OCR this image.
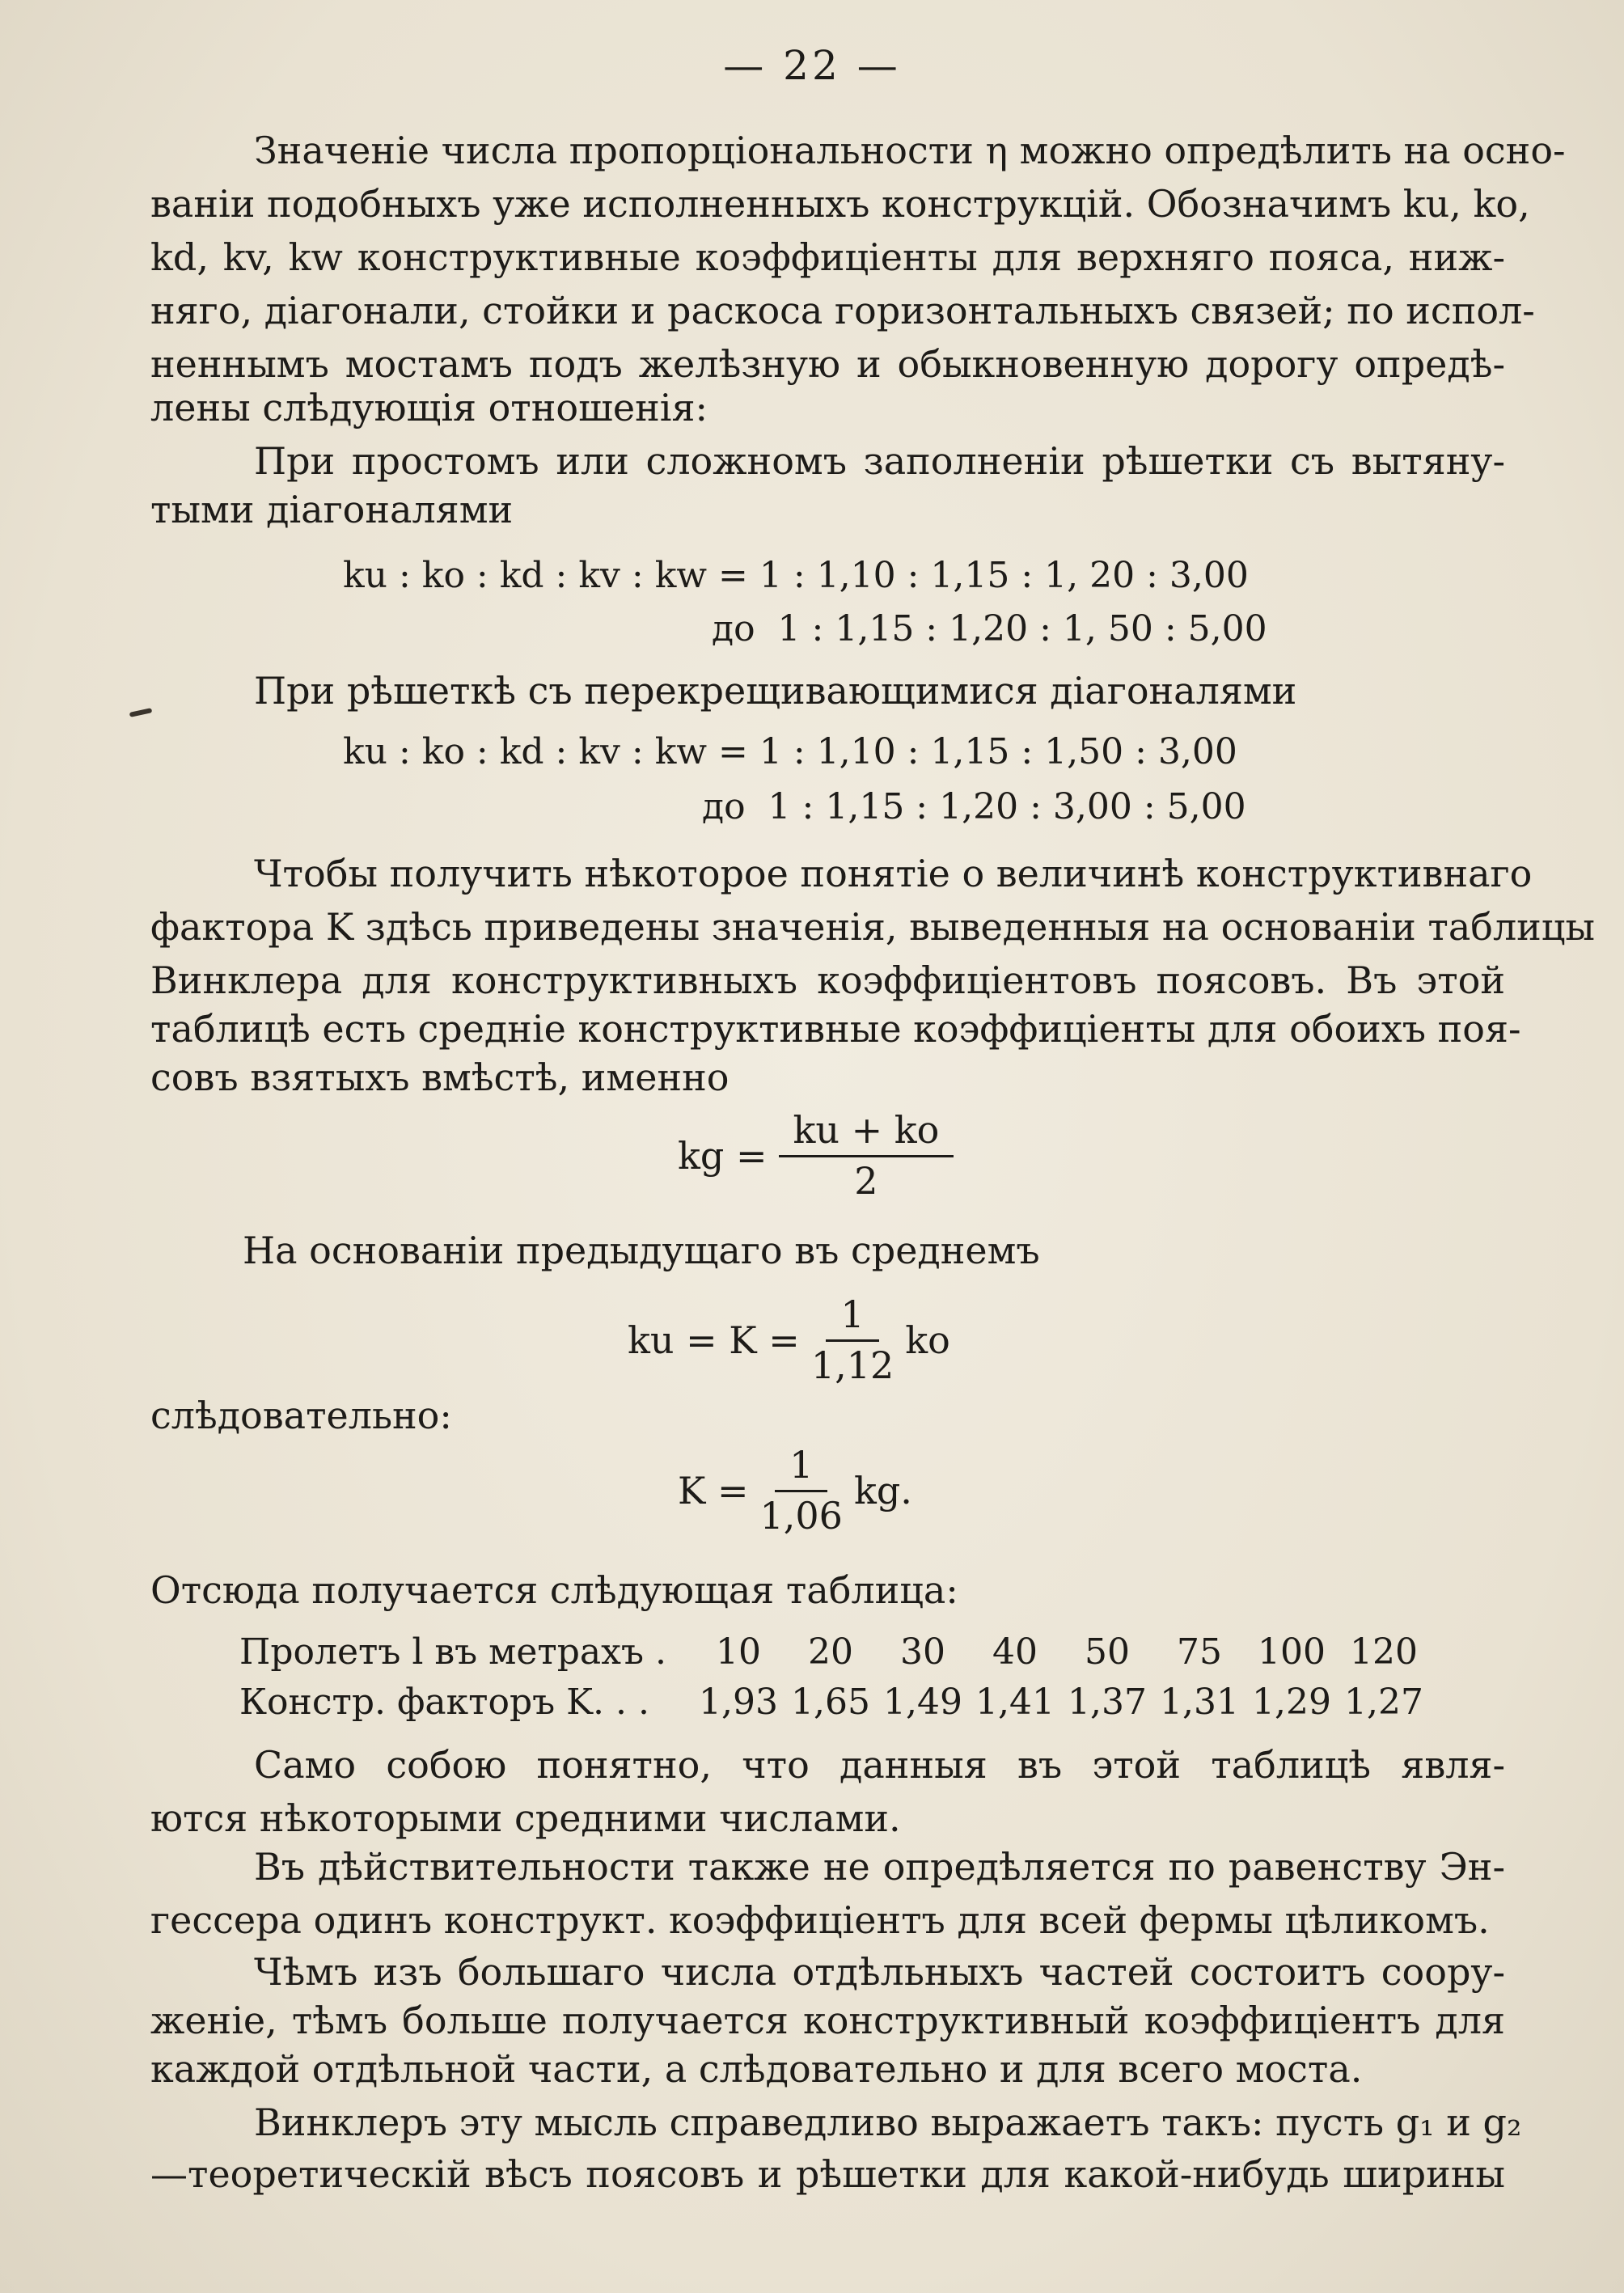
— 22 —
Значеніе числа пропорціональности η можно опредѣлить на осно-
ваніи подобныхъ уже исполненныхъ конструкцій. Обозначимъ ku, ko,
kd, kv, kw конструктивные коэффиціенты для верхняго пояса, ниж-
няго, діагонали, стойки и раскоса горизонтальныхъ связей; по испол-
неннымъ мостамъ подъ желѣзную и обыкновенную дорогу опредѣ-
лены слѣдующія отношенія:
При простомъ или сложномъ заполненіи рѣшетки съ вытяну-
тыми діагоналями
ku : ko : kd : kv : kw = 1 : 1,10 : 1,15 : 1, 20 : 3,00
до  1 : 1,15 : 1,20 : 1, 50 : 5,00
При рѣшеткѣ съ перекрещивающимися діагоналями
ku : ko : kd : kv : kw = 1 : 1,10 : 1,15 : 1,50 : 3,00
до  1 : 1,15 : 1,20 : 3,00 : 5,00
Чтобы получить нѣкоторое понятіе о величинѣ конструктивнаго
фактора K здѣсь приведены значенія, выведенныя на основаніи таблицы
Винклера для конструктивныхъ коэффиціентовъ поясовъ. Въ этой
таблицѣ есть средніе конструктивные коэффиціенты для обоихъ поя-
совъ взятыхъ вмѣстѣ, именно
kg = $\frac{ku + ko}{2}$
На основаніи предыдущаго въ среднемъ
ku = $K = \frac{1}{1,12}$ ko
слѣдовательно:
$K = \frac{1}{1,06}$ kg.
Отсюда получается слѣдующая таблица:
Пролетъ l въ метрахъ .	10	20	30	40	50	75	100 120
Констр. факторъ K. . .	1,93 1,65 1,49 1,41 1,37 1,31 1,29 1,27
Само собою понятно, что данныя въ этой таблицѣ явля-
ются нѣкоторыми средними числами.
Въ дѣйствительности также не опредѣляется по равенству Эн-
гессера одинъ конструкт. коэффиціентъ для всей фермы цѣликомъ.
Чѣмъ изъ большаго числа отдѣльныхъ частей состоитъ соору-
женіе, тѣмъ больше получается конструктивный коэффиціентъ для
каждой отдѣльной части, а слѣдовательно и для всего моста.
Винклеръ эту мысль справедливо выражаетъ такъ: пусть g₁ и g₂
—теоретическій вѣсъ поясовъ и рѣшетки для какой-нибудь ширины
